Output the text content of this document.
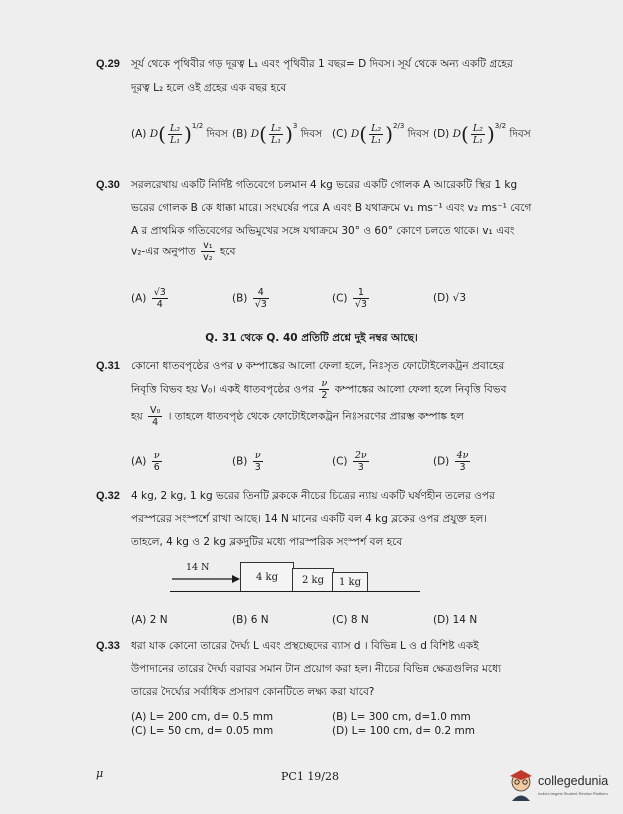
Q.29 সূর্য থেকে পৃথিবীর গড় দূরত্ব L₁ এবং পৃথিবীর 1 বছর= D দিবস। সূর্য থেকে অন্য একটি গ্রহের
দূরত্ব L₂ হলে ওই গ্রহের এক বছর হবে
(A) $D( \frac{\text{L₂}}{\text{L₁}} )^{1/2}$ দিবস (B) $D( \frac{\text{L₂}}{\text{L₁}} )^3$ দিবস (C) $D( \frac{\text{L₂}}{\text{L₁}} )^{2/3}$ দিবস (D) $D( \frac{\text{L₂}}{\text{L₁}} )^{3/2}$ দিবস
Q.30 সরলরেখায় একটি নির্দিষ্ট গতিবেগে চলমান 4 kg ভরের একটি গোলক A আরেকটি স্থির 1 kg
ভরের গোলক B কে ধাক্কা মারে। সংঘর্ষের পরে A এবং B যথাক্রমে v₁ ms⁻¹ এবং v₂ ms⁻¹ বেগে
A র প্রাথমিক গতিবেগের অভিমুখের সঙ্গে যথাক্রমে 30° ও 60° কোণে চলতে থাকে। v₁ এবং
v₂-এর অনুপাত $\frac{\text{v₁}}{\text{v₂}}$ হবে
$(A) \frac{√3}{4}$	$(B) \frac{4}{√3}$	$(C) \frac{1}{√3}$	(D) √3
Q. 31 থেকে Q. 40 প্রতিটি প্রশ্নে দুই নম্বর আছে।
Q.31 কোনো ধাতবপৃষ্ঠের ওপর ν কম্পাঙ্কের আলো ফেলা হলে, নিঃসৃত ফোটোইলেকট্রন প্রবাহের
নিবৃত্তি বিভব হয় V₀। একই ধাতবপৃষ্ঠের ওপর $\frac{\nu}{2}$ কম্পাঙ্কের আলো ফেলা হলে নিবৃত্তি বিভব
হয় $\frac{\text{V₀}}{4}$ । তাহলে ধাতবপৃষ্ঠ থেকে ফোটোইলেকট্রন নিঃসরণের প্রারম্ভ কম্পাঙ্ক হল
$(A) \frac{\nu}{6}$	$(B) \frac{\nu}{3}$	$(C) \frac{2\nu}{3}$	$(D) \frac{4\nu}{3}$
Q.32 4 kg, 2 kg, 1 kg ভরের তিনটি ব্লককে নীচের চিত্রের ন্যায় একটি ঘর্ষণহীন তলের ওপর
পরস্পরের সংস্পর্শে রাখা আছে। 14 N মানের একটি বল 4 kg ব্লকের ওপর প্রযুক্ত হল।
তাহলে, 4 kg ও 2 kg ব্লকদুটির মধ্যে পারস্পরিক সংস্পর্শ বল হবে
14 N
4 kg	2 kg	1 kg
(A) 2 N	(B) 6 N	(C) 8 N	(D) 14 N
Q.33 ধরা যাক কোনো তারের দৈর্ঘ্য L এবং প্রস্থচ্ছেদের ব্যাস d । বিভিন্ন L ও d বিশিষ্ট একই
উপাদানের তারের দৈর্ঘ্য বরাবর সমান টান প্রয়োগ করা হল। নীচের বিভিন্ন ক্ষেত্রগুলির মধ্যে
তারের দৈর্ঘ্যের সর্বাধিক প্রসারণ কোনটিতে লক্ষ্য করা যাবে?
(A) L= 200 cm, d= 0.5 mm	(B) L= 300 cm, d=1.0 mm
(C) L= 50 cm, d= 0.05 mm	(D) L= 100 cm, d= 0.2 mm
μ	PC1 19/28	collegedunia
India's largest Student Review Platform
